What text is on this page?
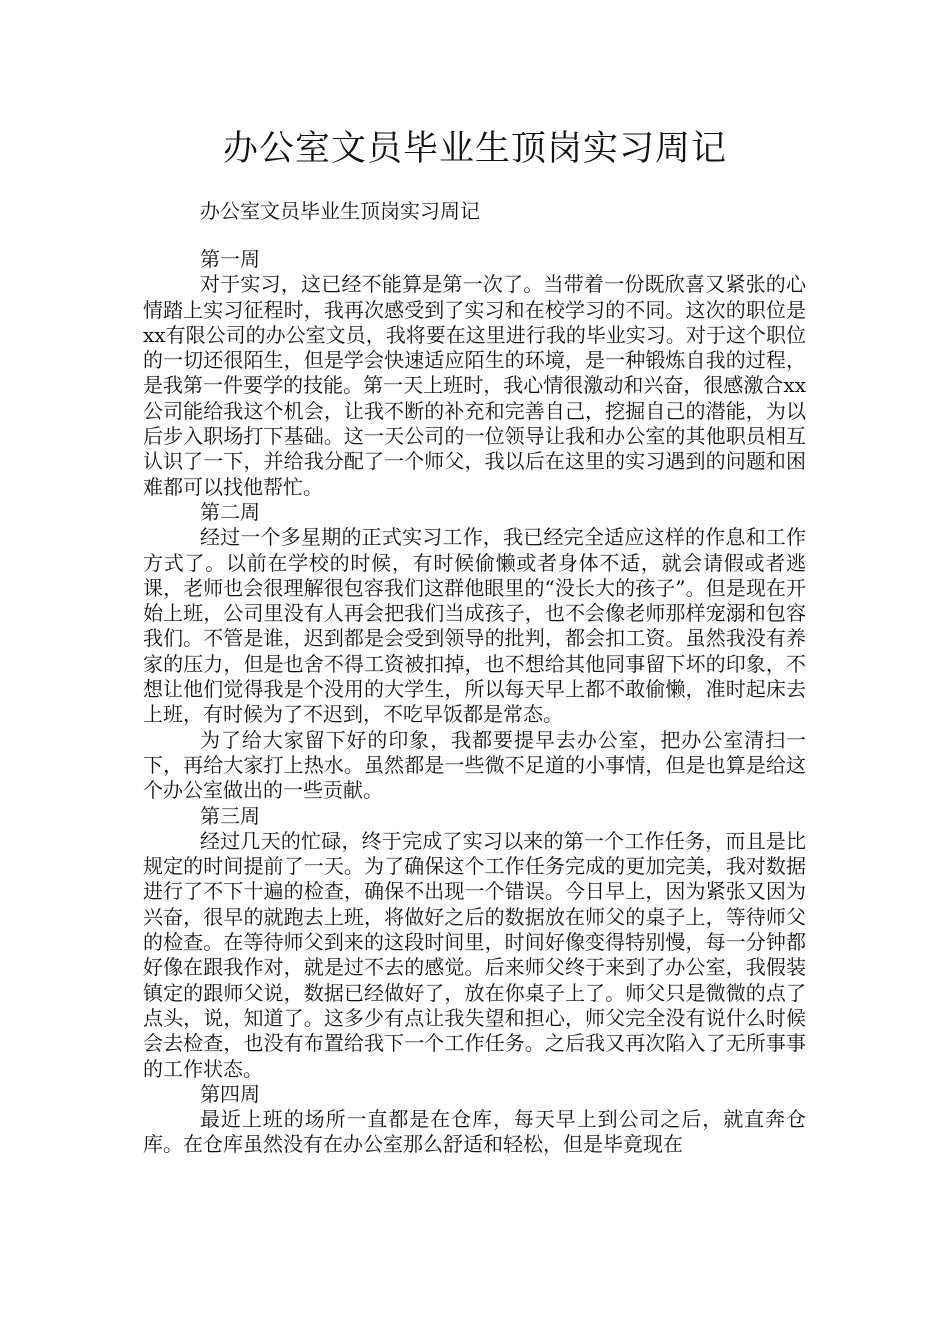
办公室文员毕业生顶岗实习周记

办公室文员毕业生顶岗实习周记

第一周

对于实习，这已经不能算是第一次了。当带着一份既欣喜又紧张的心情踏上实习征程时，我再次感受到了实习和在校学习的不同。这次的职位是xx有限公司的办公室文员，我将要在这里进行我的毕业实习。对于这个职位的一切还很陌生，但是学会快速适应陌生的环境，是一种锻炼自我的过程，是我第一件要学的技能。第一天上班时，我心情很激动和兴奋，很感激合xx公司能给我这个机会，让我不断的补充和完善自己，挖掘自己的潜能，为以后步入职场打下基础。这一天公司的一位领导让我和办公室的其他职员相互认识了一下，并给我分配了一个师父，我以后在这里的实习遇到的问题和困难都可以找他帮忙。

第二周

经过一个多星期的正式实习工作，我已经完全适应这样的作息和工作方式了。以前在学校的时候，有时候偷懒或者身体不适，就会请假或者逃课，老师也会很理解很包容我们这群他眼里的“没长大的孩子”。但是现在开始上班，公司里没有人再会把我们当成孩子，也不会像老师那样宠溺和包容我们。不管是谁，迟到都是会受到领导的批判，都会扣工资。虽然我没有养家的压力，但是也舍不得工资被扣掉，也不想给其他同事留下坏的印象，不想让他们觉得我是个没用的大学生，所以每天早上都不敢偷懒，准时起床去上班，有时候为了不迟到，不吃早饭都是常态。

为了给大家留下好的印象，我都要提早去办公室，把办公室清扫一下，再给大家打上热水。虽然都是一些微不足道的小事情，但是也算是给这个办公室做出的一些贡献。

第三周

经过几天的忙碌，终于完成了实习以来的第一个工作任务，而且是比规定的时间提前了一天。为了确保这个工作任务完成的更加完美，我对数据进行了不下十遍的检查，确保不出现一个错误。今日早上，因为紧张又因为兴奋，很早的就跑去上班，将做好之后的数据放在师父的桌子上，等待师父的检查。在等待师父到来的这段时间里，时间好像变得特别慢，每一分钟都好像在跟我作对，就是过不去的感觉。后来师父终于来到了办公室，我假装镇定的跟师父说，数据已经做好了，放在你桌子上了。师父只是微微的点了点头，说，知道了。这多少有点让我失望和担心，师父完全没有说什么时候会去检查，也没有布置给我下一个工作任务。之后我又再次陷入了无所事事的工作状态。

第四周

最近上班的场所一直都是在仓库，每天早上到公司之后，就直奔仓库。在仓库虽然没有在办公室那么舒适和轻松，但是毕竟现在
